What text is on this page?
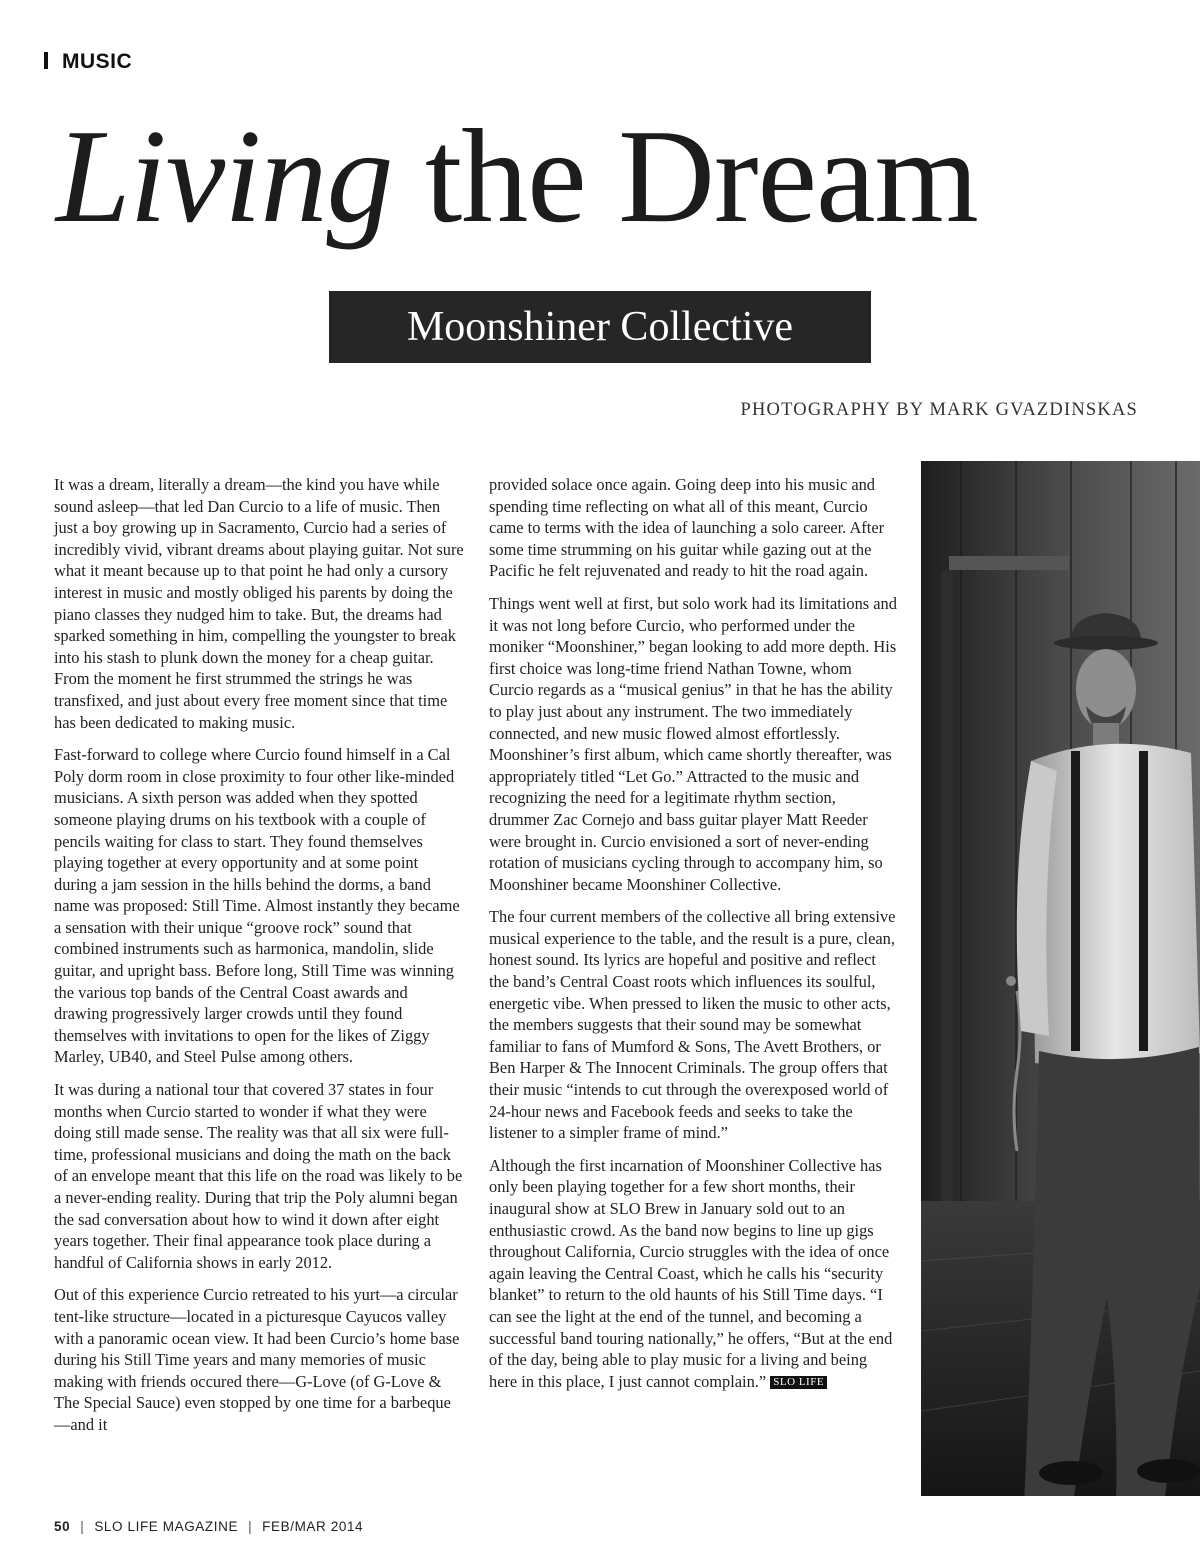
MUSIC
Living the Dream
Moonshiner Collective
PHOTOGRAPHY BY MARK GVAZDINSKAS

It was a dream, literally a dream—the kind you have while sound asleep—that led Dan Curcio to a life of music. Then just a boy growing up in Sacramento, Curcio had a series of incredibly vivid, vibrant dreams about playing guitar. Not sure what it meant because up to that point he had only a cursory interest in music and mostly obliged his parents by doing the piano classes they nudged him to take. But, the dreams had sparked something in him, compelling the youngster to break into his stash to plunk down the money for a cheap guitar. From the moment he first strummed the strings he was transfixed, and just about every free moment since that time has been dedicated to making music.

Fast-forward to college where Curcio found himself in a Cal Poly dorm room in close proximity to four other like-minded musicians. A sixth person was added when they spotted someone playing drums on his textbook with a couple of pencils waiting for class to start. They found themselves playing together at every opportunity and at some point during a jam session in the hills behind the dorms, a band name was proposed: Still Time. Almost instantly they became a sensation with their unique “groove rock” sound that combined instruments such as harmonica, mandolin, slide guitar, and upright bass. Before long, Still Time was winning the various top bands of the Central Coast awards and drawing progressively larger crowds until they found themselves with invitations to open for the likes of Ziggy Marley, UB40, and Steel Pulse among others.

It was during a national tour that covered 37 states in four months when Curcio started to wonder if what they were doing still made sense. The reality was that all six were full-time, professional musicians and doing the math on the back of an envelope meant that this life on the road was likely to be a never-ending reality. During that trip the Poly alumni began the sad conversation about how to wind it down after eight years together. Their final appearance took place during a handful of California shows in early 2012.

Out of this experience Curcio retreated to his yurt—a circular tent-like structure—located in a picturesque Cayucos valley with a panoramic ocean view. It had been Curcio’s home base during his Still Time years and many memories of music making with friends occured there—G-Love (of G-Love & The Special Sauce) even stopped by one time for a barbeque—and it

provided solace once again. Going deep into his music and spending time reflecting on what all of this meant, Curcio came to terms with the idea of launching a solo career. After some time strumming on his guitar while gazing out at the Pacific he felt rejuvenated and ready to hit the road again.

Things went well at first, but solo work had its limitations and it was not long before Curcio, who performed under the moniker “Moonshiner,” began looking to add more depth. His first choice was long-time friend Nathan Towne, whom Curcio regards as a “musical genius” in that he has the ability to play just about any instrument. The two immediately connected, and new music flowed almost effortlessly. Moonshiner’s first album, which came shortly thereafter, was appropriately titled “Let Go.” Attracted to the music and recognizing the need for a legitimate rhythm section, drummer Zac Cornejo and bass guitar player Matt Reeder were brought in. Curcio envisioned a sort of never-ending rotation of musicians cycling through to accompany him, so Moonshiner became Moonshiner Collective.

The four current members of the collective all bring extensive musical experience to the table, and the result is a pure, clean, honest sound. Its lyrics are hopeful and positive and reflect the band’s Central Coast roots which influences its soulful, energetic vibe. When pressed to liken the music to other acts, the members suggests that their sound may be somewhat familiar to fans of Mumford & Sons, The Avett Brothers, or Ben Harper & The Innocent Criminals. The group offers that their music “intends to cut through the overexposed world of 24-hour news and Facebook feeds and seeks to take the listener to a simpler frame of mind.”

Although the first incarnation of Moonshiner Collective has only been playing together for a few short months, their inaugural show at SLO Brew in January sold out to an enthusiastic crowd. As the band now begins to line up gigs throughout California, Curcio struggles with the idea of once again leaving the Central Coast, which he calls his “security blanket” to return to the old haunts of his Still Time days. “I can see the light at the end of the tunnel, and becoming a successful band touring nationally,” he offers, “But at the end of the day, being able to play music for a living and being here in this place, I just cannot complain.” SLO LIFE

50 | SLO LIFE MAGAZINE | FEB/MAR 2014
